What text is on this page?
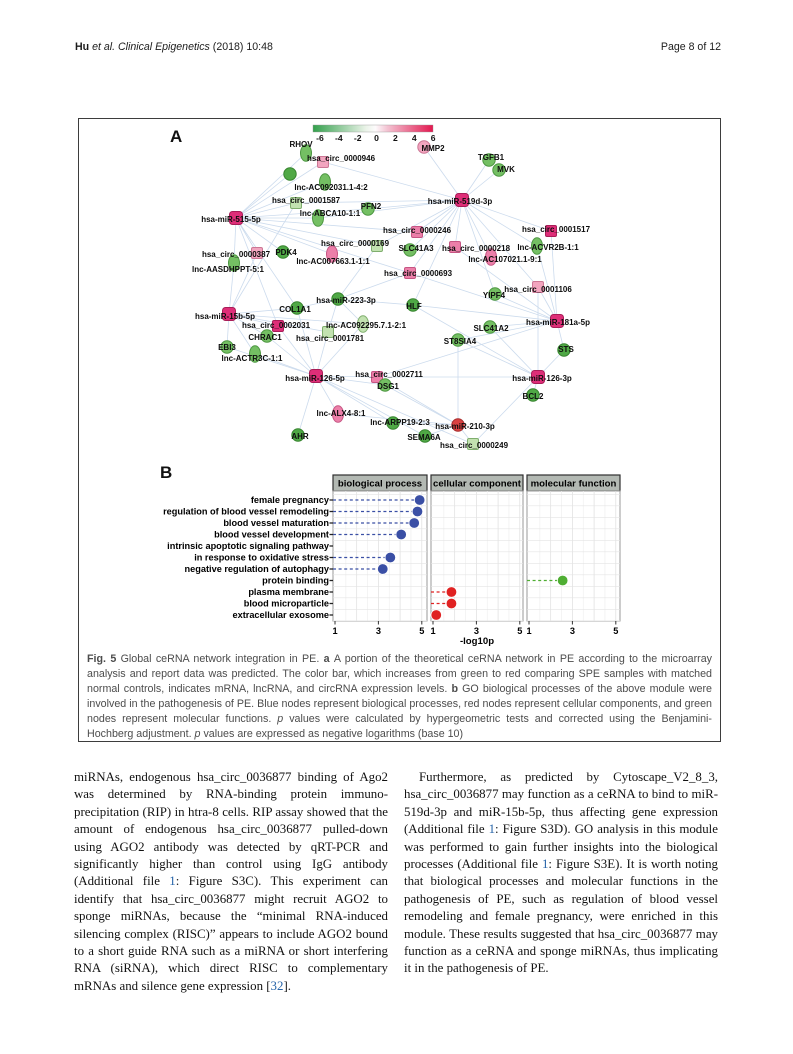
Hu et al. Clinical Epigenetics (2018) 10:48	Page 8 of 12
A	-6 -4 -2 0 2 4 6
RHOV	MMP2
hsa_circ_0000946	TGFB1
MVK
lnc-AC092031.1-4:2
hsa_circ_0001587
PFN2
lnc-ABCA10-1:1
hsa-miR-519d-3p
hsa-miR-515-5p
hsa_circ_0001517
hsa_circ_0000246
hsa_circ_0000169
SLC41A3 hsa_circ_0000218 lnc-ACVR2B-1:1
lnc-AC107021.1-9:1
hsa_circ_0000387 PDK4
lnc-AC007663.1-1:1
lnc-AASDHPPT-5:1	hsa_circ_0000693
hsa-miR-223-3p
HLF
hsa_circ_0001106
YIPF4
hsa-miR-181a-5p
SLC41A2
ST8SIA4
STS
hsa-miR-126-3p
BCL2
hsa-miR-15b-5p
COL1A1
hsa_circ_0002031 lnc-AC092295.7.1-2:1
CHRAC1 hsa_circ_0001781
EBI3
lnc-ACTR3C-1:1
hsa-miR-126-5p hsa_circ_0002711
DSG1
lnc-ALX4-8:1
lnc-ARPP19-2:3
AHR	SEMA6A
hsa-miR-210-3p
hsa_circ_0000249
B
biological process
1	3	5
cellular component
1	3	5
molecular function
1	3	5
female pregnancy
regulation of blood vessel remodeling
blood vessel maturation
blood vessel development
intrinsic apoptotic signaling pathway
in response to oxidative stress
negative regulation of autophagy
protein binding
plasma membrane
blood microparticle
extracellular exosome
-log10p
Fig. 5 Global ceRNA network integration in PE. a A portion of the theoretical ceRNA network in PE according to the microarray analysis and report data was predicted. The color bar, which increases from green to red comparing SPE samples with matched normal controls, indicates mRNA, lncRNA, and circRNA expression levels. b GO biological processes of the above module were involved in the pathogenesis of PE. Blue nodes represent biological processes, red nodes represent cellular components, and green nodes represent molecular functions. p values were calculated by hypergeometric tests and corrected using the Benjamini-Hochberg adjustment. p values are expressed as negative logarithms (base 10)

miRNAs, endogenous hsa_circ_0036877 binding of Ago2 was determined by RNA-binding protein immuno-precipitation (RIP) in htra-8 cells. RIP assay showed that the amount of endogenous hsa_circ_0036877 pulled-down using AGO2 antibody was detected by qRT-PCR and significantly higher than control using IgG antibody (Additional file 1: Figure S3C). This experiment can identify that hsa_circ_0036877 might recruit AGO2 to sponge miRNAs, because the “minimal RNA-induced silencing complex (RISC)” appears to include AGO2 bound to a short guide RNA such as a miRNA or short interfering RNA (siRNA), which direct RISC to complementary mRNAs and silence gene expression [32].

Furthermore, as predicted by Cytoscape_V2_8_3, hsa_circ_0036877 may function as a ceRNA to bind to miR-519d-3p and miR-15b-5p, thus affecting gene expression (Additional file 1: Figure S3D). GO analysis in this module was performed to gain further insights into the biological processes (Additional file 1: Figure S3E). It is worth noting that biological processes and molecular functions in the pathogenesis of PE, such as regulation of blood vessel remodeling and female pregnancy, were enriched in this module. These results suggested that hsa_circ_0036877 may function as a ceRNA and sponge miRNAs, thus implicating it in the pathogenesis of PE.
